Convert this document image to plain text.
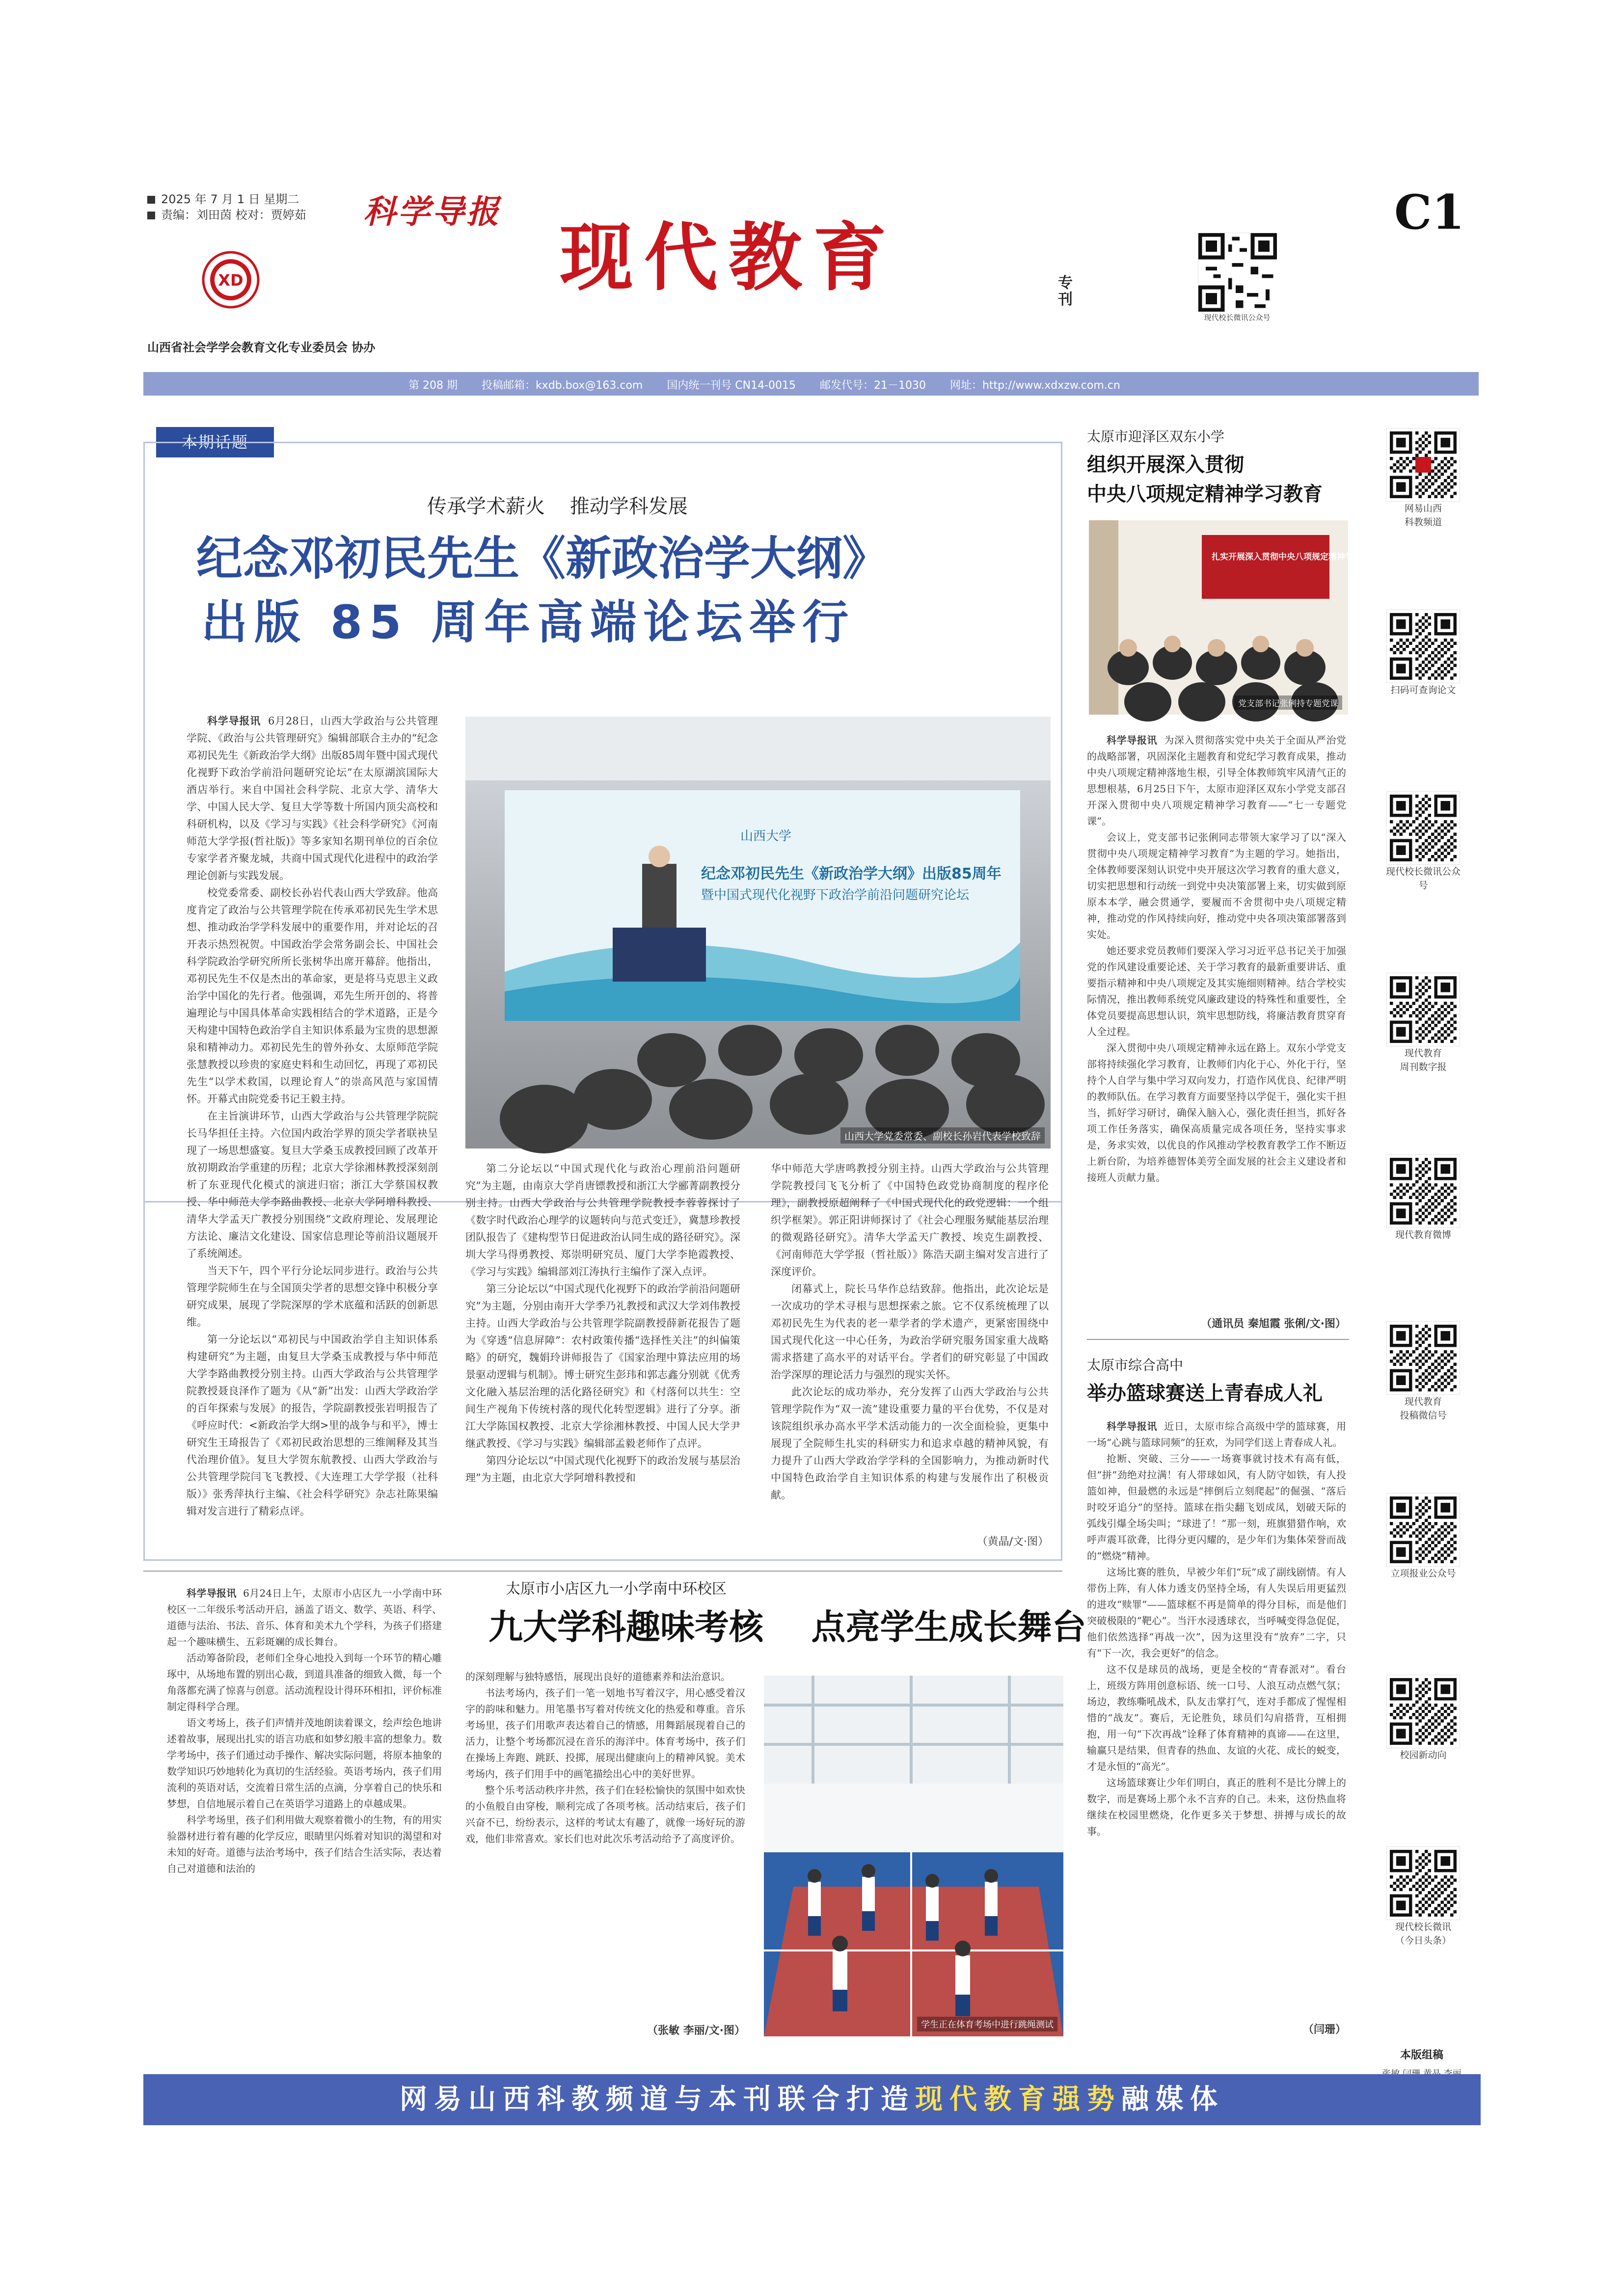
2025 年 7 月 1 日 星期二
责编：刘田茵 校对：贾婷茹	科学导报
现代教育	专刊
C1
XD
山西省社会学学会教育文化专业委员会 协办
现代校长微讯公众号
第 208 期 投稿邮箱：kxdb.box@163.com 国内统一刊号 CN14-0015 邮发代号：21－1030 网址：http://www.xdxzw.com.cn
本期话题
传承学术薪火    推动学科发展
纪念邓初民先生《新政治学大纲》
出版 85 周年高端论坛举行

科学导报讯 6月28日，山西大学政治与公共管理学院、《政治与公共管理研究》编辑部联合主办的“纪念邓初民先生《新政治学大纲》出版85周年暨中国式现代化视野下政治学前沿问题研究论坛”在太原湖滨国际大酒店举行。来自中国社会科学院、北京大学、清华大学、中国人民大学、复旦大学等数十所国内顶尖高校和科研机构，以及《学习与实践》《社会科学研究》《河南师范大学学报(哲社版)》等多家知名期刊单位的百余位专家学者齐聚龙城，共商中国式现代化进程中的政治学理论创新与实践发展。

校党委常委、副校长孙岩代表山西大学致辞。他高度肯定了政治与公共管理学院在传承邓初民先生学术思想、推动政治学学科发展中的重要作用，并对论坛的召开表示热烈祝贺。中国政治学会常务副会长、中国社会科学院政治学研究所所长张树华出席开幕辞。他指出，邓初民先生不仅是杰出的革命家，更是将马克思主义政治学中国化的先行者。他强调，邓先生所开创的、将普遍理论与中国具体革命实践相结合的学术道路，正是今天构建中国特色政治学自主知识体系最为宝贵的思想源泉和精神动力。邓初民先生的曾外孙女、太原师范学院张慧教授以珍贵的家庭史料和生动回忆，再现了邓初民先生“以学术救国，以理论育人”的崇高风范与家国情怀。开幕式由院党委书记王毅主持。

在主旨演讲环节，山西大学政治与公共管理学院院长马华担任主持。六位国内政治学界的顶尖学者联袂呈现了一场思想盛宴。复旦大学桑玉成教授回顾了改革开放初期政治学重建的历程；北京大学徐湘林教授深刻剖析了东亚现代化模式的演进归宿；浙江大学蔡国权教授、华中师范大学李路曲教授、北京大学阿增科教授、清华大学孟天广教授分别围绕“文政府理论、发展理论方法论、廉洁文化建设、国家信息理论等前沿议题展开了系统阐述。

当天下午，四个平行分论坛同步进行。政治与公共管理学院师生在与全国顶尖学者的思想交锋中积极分享研究成果，展现了学院深厚的学术底蕴和活跃的创新思维。

第一分论坛以“邓初民与中国政治学自主知识体系构建研究”为主题，由复旦大学桑玉成教授与华中师范大学李路曲教授分别主持。山西大学政治与公共管理学院教授聂良泽作了题为《从“新”出发：山西大学政治学的百年探索与发展》的报告，学院副教授张岩明报告了《呼应时代：<新政治学大纲>里的战争与和平》，博士研究生王琦报告了《邓初民政治思想的三维阐释及其当代治理价值》。复旦大学贺东航教授、山西大学政治与公共管理学院闫飞飞教授、《大连理工大学学报（社科版）》张秀萍执行主编、《社会科学研究》杂志社陈果编辑对发言进行了精彩点评。

山西大学
纪念邓初民先生《新政治学大纲》出版85周年
暨中国式现代化视野下政治学前沿问题研究论坛
山西大学党委常委、副校长孙岩代表学校致辞

第二分论坛以“中国式现代化与政治心理前沿问题研究”为主题，由南京大学肖唐镖教授和浙江大学郦菁副教授分别主持。山西大学政治与公共管理学院教授李蓉蓉探讨了《数字时代政治心理学的议题转向与范式变迁》，冀慧珍教授团队报告了《建构型节日促进政治认同生成的路径研究》。深圳大学马得勇教授、郑崇明研究员、厦门大学李艳霞教授、《学习与实践》编辑部刘江涛执行主编作了深入点评。

第三分论坛以“中国式现代化视野下的政治学前沿问题研究”为主题，分别由南开大学季乃礼教授和武汉大学刘伟教授主持。山西大学政治与公共管理学院副教授薛新花报告了题为《穿透“信息屏障”：农村政策传播“选择性关注”的纠偏策略》的研究，魏娟玲讲师报告了《国家治理中算法应用的场景驱动逻辑与机制》。博士研究生彭玮和郭志鑫分别就《优秀文化融入基层治理的活化路径研究》和《村落何以共生：空间生产视角下传统村落的现代化转型逻辑》进行了分享。浙江大学陈国权教授、北京大学徐湘林教授、中国人民大学尹继武教授、《学习与实践》编辑部孟毅老师作了点评。

第四分论坛以“中国式现代化视野下的政治发展与基层治理”为主题，由北京大学阿增科教授和

华中师范大学唐鸣教授分别主持。山西大学政治与公共管理学院教授闫飞飞分析了《中国特色政党协商制度的程序伦理》，副教授原超阐释了《中国式现代化的政党逻辑：一个组织学框架》。郭正阳讲师探讨了《社会心理服务赋能基层治理的微观路径研究》。清华大学孟天广教授、埃克生副教授、《河南师范大学学报（哲社版）》陈浩天副主编对发言进行了深度评价。

闭幕式上，院长马华作总结致辞。他指出，此次论坛是一次成功的学术寻根与思想探索之旅。它不仅系统梳理了以邓初民先生为代表的老一辈学者的学术遗产，更紧密围绕中国式现代化这一中心任务，为政治学研究服务国家重大战略需求搭建了高水平的对话平台。学者们的研究彰显了中国政治学深厚的理论活力与强烈的现实关怀。

此次论坛的成功举办，充分发挥了山西大学政治与公共管理学院作为“双一流”建设重要力量的平台优势，不仅是对该院组织承办高水平学术活动能力的一次全面检验，更集中展现了全院师生扎实的科研实力和追求卓越的精神风貌，有力提升了山西大学政治学学科的全国影响力，为推动新时代中国特色政治学自主知识体系的构建与发展作出了积极贡献。

（黄晶/文·图）
太原市迎泽区双东小学
组织开展深入贯彻
中央八项规定精神学习教育
扎实开展深入贯彻中央八项规定精神学习教育
党支部书记张俐持专题党课

科学导报讯 为深入贯彻落实党中央关于全面从严治党的战略部署，巩固深化主题教育和党纪学习教育成果，推动中央八项规定精神落地生根，引导全体教师筑牢风清气正的思想根基，6月25日下午，太原市迎泽区双东小学党支部召开深入贯彻中央八项规定精神学习教育——“七一专题党课”。

会议上，党支部书记张俐同志带领大家学习了以“深入贯彻中央八项规定精神学习教育”为主题的学习。她指出，全体教师要深刻认识党中央开展这次学习教育的重大意义，切实把思想和行动统一到党中央决策部署上来，切实做到原原本本学，融会贯通学，要履而不舍贯彻中央八项规定精神，推动党的作风持续向好，推动党中央各项决策部署落到实处。

她还要求党员教师们要深入学习习近平总书记关于加强党的作风建设重要论述、关于学习教育的最新重要讲话、重要指示精神和中央八项规定及其实施细则精神。结合学校实际情况，推出教师系统党风廉政建设的特殊性和重要性，全体党员要提高思想认识，筑牢思想防线，将廉洁教育贯穿育人全过程。

深入贯彻中央八项规定精神永远在路上。双东小学党支部将持续强化学习教育，让教师们内化于心、外化于行，坚持个人自学与集中学习双向发力，打造作风优良、纪律严明的教师队伍。在学习教育方面要坚持以学促干，强化实干担当，抓好学习研讨，确保入脑入心，强化责任担当，抓好各项工作任务落实，确保高质量完成各项任务，坚持实事求是，务求实效，以优良的作风推动学校教育教学工作不断迈上新台阶，为培养德智体美劳全面发展的社会主义建设者和接班人贡献力量。

（通讯员 秦旭霞 张俐/文·图）
太原市综合高中
举办篮球赛送上青春成人礼

科学导报讯 近日，太原市综合高级中学的篮球赛，用一场“心跳与篮球同频”的狂欢，为同学们送上青春成人礼。

抢断、突破、三分——一场赛事就讨技术有高有低，但“拼”劲绝对拉满！有人带球如风，有人防守如铁，有人投篮如神，但最燃的永远是“摔倒后立刻爬起”的倔强、“落后时咬牙追分”的坚持。篮球在指尖翻飞划成凤，划破天际的弧线引爆全场尖叫；“球进了！”那一刻，班旗猎猎作响，欢呼声震耳欲聋，比得分更闪耀的，是少年们为集体荣誉而战的“燃烧”精神。

这场比赛的胜负，早被少年们“玩”成了副线剧情。有人带伤上阵，有人体力透支仍坚持全场，有人失误后用更猛烈的进攻“赎罪”——篮球框不再是简单的得分目标，而是他们突破极限的“靶心”。当汗水浸透球衣，当呼喊变得急促促，他们依然选择“再战一次”，因为这里没有“放弃”二字，只有“下一次，我会更好”的信念。

这不仅是球员的战场，更是全校的“青春派对”。看台上，班级方阵用创意标语、统一口号、人浪互动点燃气氛；场边，教练嘶吼战术，队友击掌打气，连对手都成了惺惺相惜的“战友”。赛后，无论胜负，球员们勾肩搭背，互相拥抱，用一句“下次再战”诠释了体育精神的真谛——在这里，输赢只是结果，但青春的热血、友谊的火花、成长的蜕变，才是永恒的“高光”。

这场篮球赛让少年们明白，真正的胜利不是比分牌上的数字，而是赛场上那个永不言弃的自己。未来，这份热血将继续在校园里燃烧，化作更多关于梦想、拼搏与成长的故事。

（闫珊）
网易山西
科教频道
扫码可查询论文
现代校长微讯公众号
现代教育
周刊数字报
现代教育微博
现代教育
投稿微信号
立项报业公众号
校园新动向
现代校长微讯
（今日头条）
本版组稿
太原市小店区九一小学南中环校区
九大学科趣味考核    点亮学生成长舞台

科学导报讯 6月24日上午，太原市小店区九一小学南中环校区一二年级乐考活动开启，涵盖了语文、数学、英语、科学、道德与法治、书法、音乐、体育和美术九个学科，为孩子们搭建起一个趣味横生、五彩斑斓的成长舞台。

活动筹备阶段，老师们全身心地投入到每一个环节的精心雕琢中，从场地布置的别出心裁，到道具准备的细致入微，每一个角落都充满了惊喜与创意。活动流程设计得环环相扣，评价标准制定得科学合理。

语文考场上，孩子们声情并茂地朗读着课文，绘声绘色地讲述着故事，展现出扎实的语言功底和如梦幻般丰富的想象力。数学考场中，孩子们通过动手操作、解决实际问题，将原本抽象的数学知识巧妙地转化为真切的生活经验。英语考场内，孩子们用流利的英语对话，交流着日常生活的点滴，分享着自己的快乐和梦想，自信地展示着自己在英语学习道路上的卓越成果。

科学考场里，孩子们利用做大观察着微小的生物，有的用实验器材进行着有趣的化学反应，眼睛里闪烁着对知识的渴望和对未知的好奇。道德与法治考场中，孩子们结合生活实际，表达着自己对道德和法治的

的深刻理解与独特感悟，展现出良好的道德素养和法治意识。

书法考场内，孩子们一笔一划地书写着汉字，用心感受着汉字的韵味和魅力。用笔墨书写着对传统文化的热爱和尊重。音乐考场里，孩子们用歌声表达着自己的情感，用舞蹈展现着自己的活力，让整个考场都沉浸在音乐的海洋中。体育考场中，孩子们在操场上奔跑、跳跃、投掷，展现出健康向上的精神风貌。美术考场内，孩子们用手中的画笔描绘出心中的美好世界。

整个乐考活动秩序井然，孩子们在轻松愉快的氛围中如欢快的小鱼般自由穿梭，顺利完成了各项考核。活动结束后，孩子们兴奋不已，纷纷表示，这样的考试太有趣了，就像一场好玩的游戏，他们非常喜欢。家长们也对此次乐考活动给予了高度评价。

（张敏 李丽/文·图）	学生正在体育考场中进行跳绳测试
网易山西科教频道与本刊联合打造现代教育强势融媒体
